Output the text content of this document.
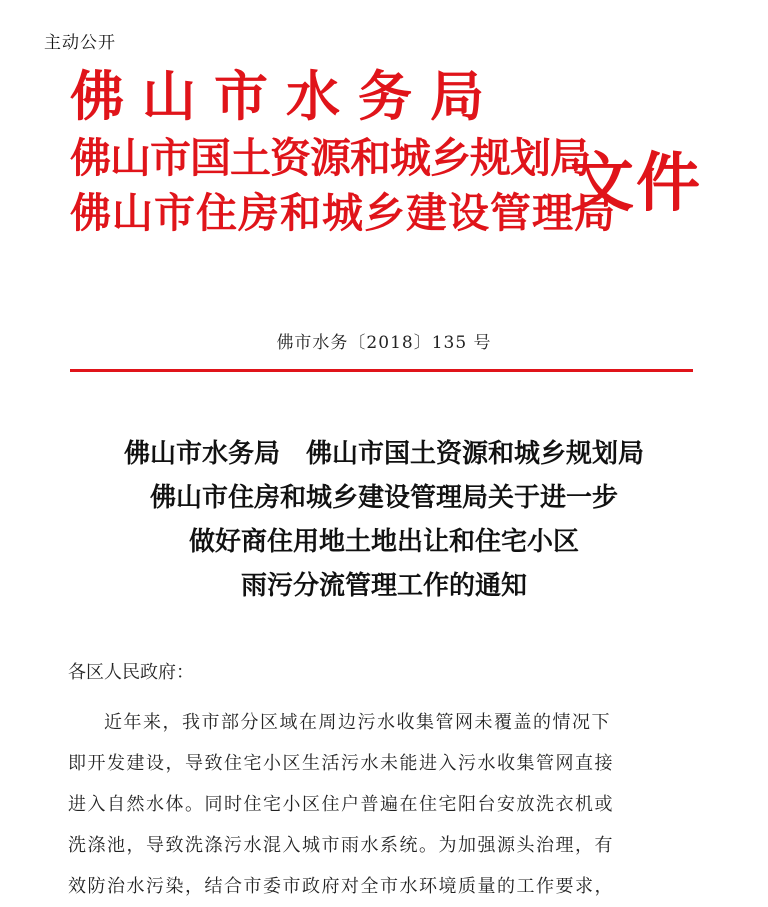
主动公开
佛山市水务局
佛山市国土资源和城乡规划局
佛山市住房和城乡建设管理局
文件
佛市水务〔2018〕135 号
佛山市水务局　佛山市国土资源和城乡规划局
佛山市住房和城乡建设管理局关于进一步
做好商住用地土地出让和住宅小区
雨污分流管理工作的通知
各区人民政府：
近年来，我市部分区域在周边污水收集管网未覆盖的情况下
即开发建设，导致住宅小区生活污水未能进入污水收集管网直接
进入自然水体。同时住宅小区住户普遍在住宅阳台安放洗衣机或
洗涤池，导致洗涤污水混入城市雨水系统。为加强源头治理，有
效防治水污染，结合市委市政府对全市水环境质量的工作要求，
